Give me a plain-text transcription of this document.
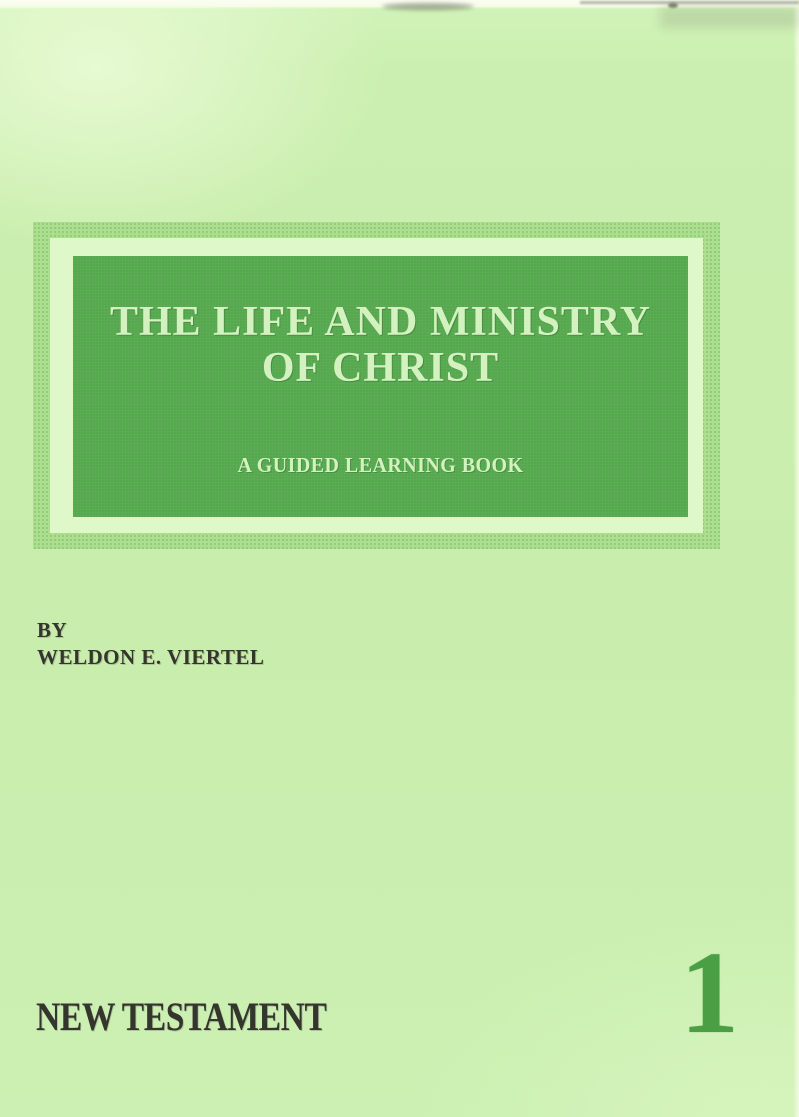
THE LIFE AND MINISTRY
OF CHRIST
A GUIDED LEARNING BOOK
BY
WELDON E. VIERTEL
NEW TESTAMENT	1
